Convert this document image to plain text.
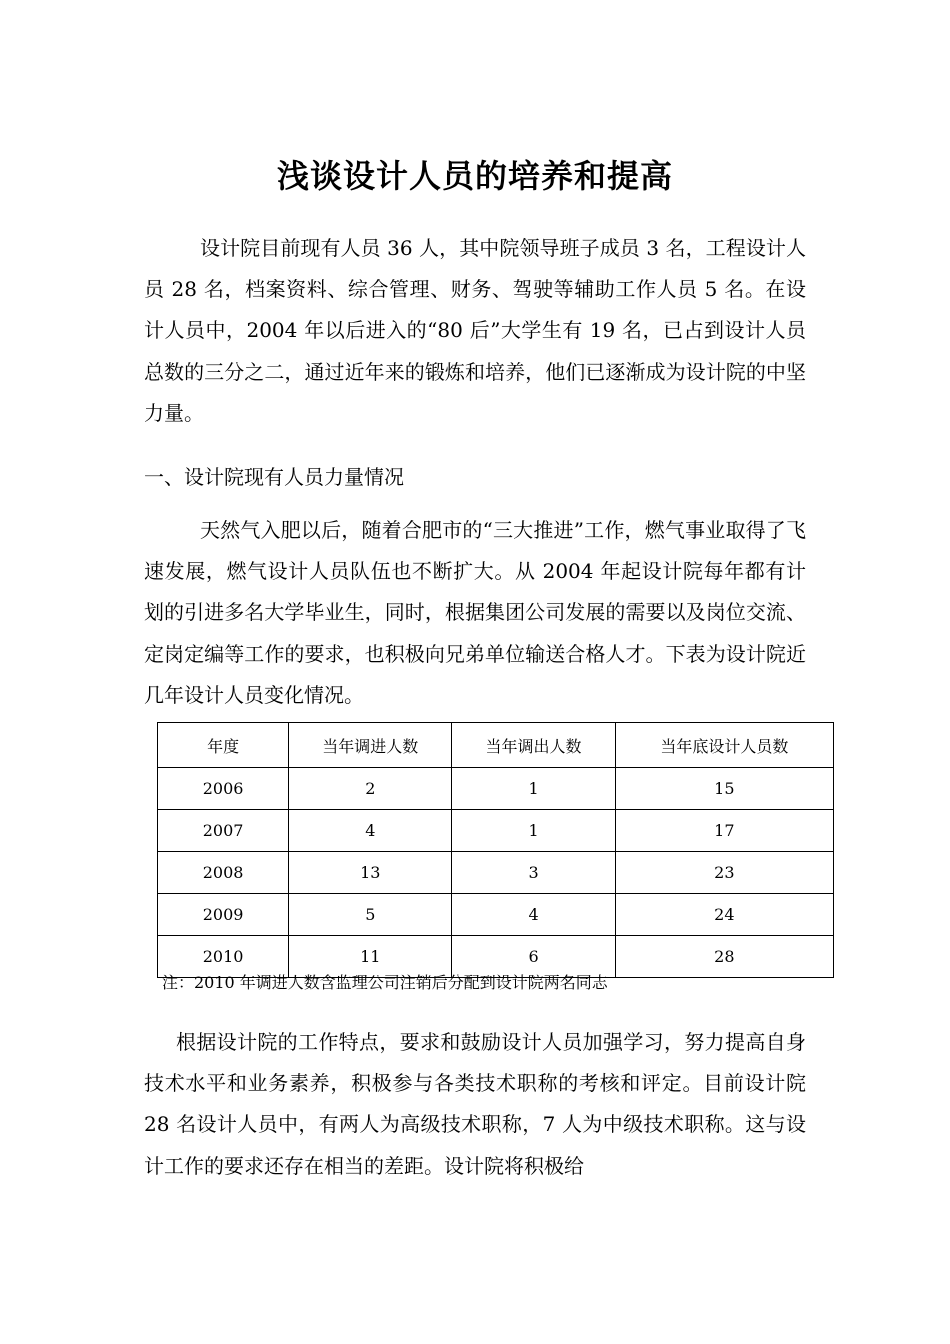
浅谈设计人员的培养和提高

设计院目前现有人员 36 人，其中院领导班子成员 3 名，工程设计人员 28 名，档案资料、综合管理、财务、驾驶等辅助工作人员 5 名。在设计人员中，2004 年以后进入的“80 后”大学生有 19 名，已占到设计人员总数的三分之二，通过近年来的锻炼和培养，他们已逐渐成为设计院的中坚力量。

一、设计院现有人员力量情况

天然气入肥以后，随着合肥市的“三大推进”工作，燃气事业取得了飞速发展，燃气设计人员队伍也不断扩大。从 2004 年起设计院每年都有计划的引进多名大学毕业生，同时，根据集团公司发展的需要以及岗位交流、定岗定编等工作的要求，也积极向兄弟单位输送合格人才。下表为设计院近几年设计人员变化情况。

年度	当年调进人数	当年调出人数	当年底设计人员数
2006	2	1	15
2007	4	1	17
2008	13	3	23
2009	5	4	24
2010	11	6	28

注：2010 年调进人数含监理公司注销后分配到设计院两名同志

根据设计院的工作特点，要求和鼓励设计人员加强学习，努力提高自身技术水平和业务素养，积极参与各类技术职称的考核和评定。目前设计院 28 名设计人员中，有两人为高级技术职称，7 人为中级技术职称。这与设计工作的要求还存在相当的差距。设计院将积极给
